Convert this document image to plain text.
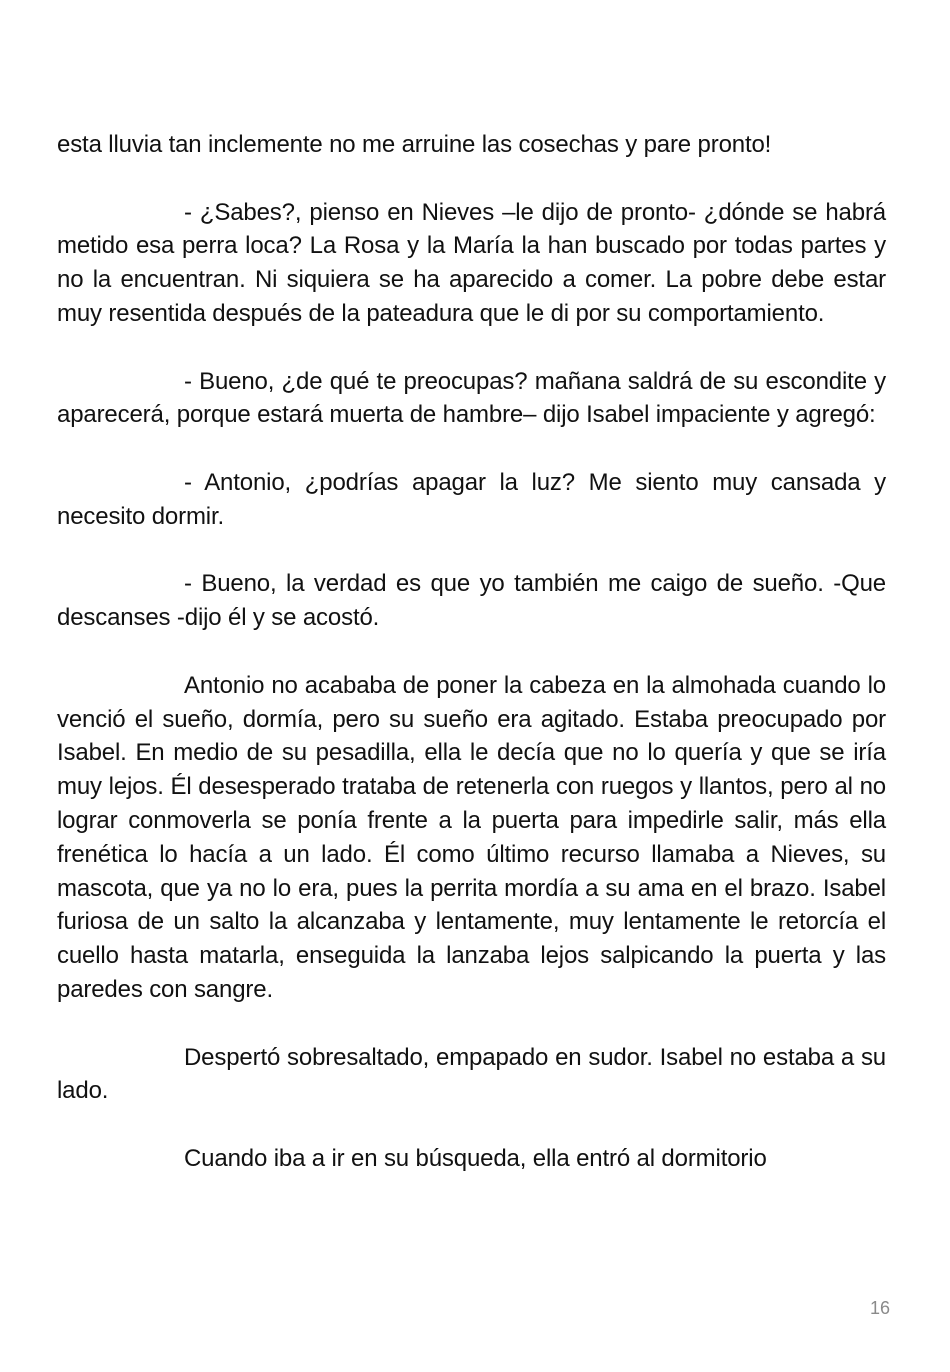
esta lluvia tan inclemente no me arruine las cosechas y pare pronto!

- ¿Sabes?, pienso en Nieves –le dijo de pronto- ¿dónde se habrá metido esa perra loca? La Rosa y la María la han buscado por todas partes y no la encuentran. Ni siquiera se ha aparecido a comer. La pobre debe estar muy resentida después de la pateadura que le di por su comportamiento.

- Bueno, ¿de qué te preocupas? mañana saldrá de su escondite y aparecerá, porque estará muerta de hambre– dijo Isabel impaciente y agregó:

- Antonio, ¿podrías apagar la luz? Me siento muy cansada y necesito dormir.

- Bueno, la verdad es que yo también me caigo de sueño. -Que descanses -dijo él y se acostó.

Antonio no acababa de poner la cabeza en la almohada cuando lo venció el sueño, dormía, pero su sueño era agitado. Estaba preocupado por Isabel. En medio de su pesadilla, ella le decía que no lo quería y que se iría muy lejos. Él desesperado trataba de retenerla con ruegos y llantos, pero al no lograr conmoverla se ponía frente a la puerta para impedirle salir, más ella frenética lo hacía a un lado. Él como último recurso llamaba a Nieves, su mascota, que ya no lo era, pues la perrita mordía a su ama en el brazo. Isabel furiosa de un salto la alcanzaba y lentamente, muy lentamente le retorcía el cuello hasta matarla, enseguida la lanzaba lejos salpicando la puerta y las paredes con sangre.

Despertó sobresaltado, empapado en sudor. Isabel no estaba a su lado.

Cuando iba a ir en su búsqueda, ella entró al dormitorio

16
